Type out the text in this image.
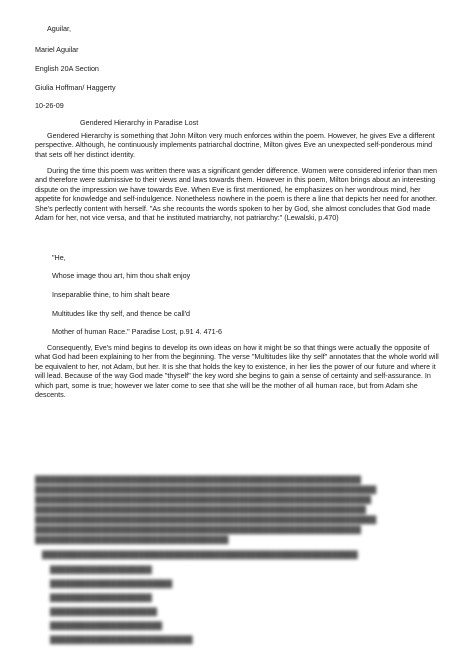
Aguilar,
Mariel Aguilar
English 20A Section
Giulia Hoffman/ Haggerty
10-26-09
Gendered Hierarchy in Paradise Lost

Gendered Hierarchy is something that John Milton very much enforces within the poem. However, he gives Eve a different perspective. Although, he continuously implements patriarchal doctrine, Milton gives Eve an unexpected self-ponderous mind that sets off her distinct identity.

During the time this poem was written there was a significant gender difference. Women were considered inferior than men and therefore were submissive to their views and laws towards them. However in this poem, Milton brings about an interesting dispute on the impression we have towards Eve. When Eve is first mentioned, he emphasizes on her wondrous mind, her appetite for knowledge and self-indulgence. Nonetheless nowhere in the poem is there a line that depicts her need for another. She's perfectly content with herself. "As she recounts the words spoken to her by God, she almost concludes that God made Adam for her, not vice versa, and that he instituted matriarchy, not patriarchy:" (Lewalski, p.470)

"He,
Whose image thou art, him thou shalt enjoy
Inseparablie thine, to him shalt beare
Multitudes like thy self, and thence be call'd
Mother of human Race." Paradise Lost, p.91 4. 471-6

Consequently, Eve's mind begins to develop its own ideas on how it might be so that things were actually the opposite of what God had been explaining to her from the beginning. The verse "Multitudes like thy self" annotates that the whole world will be equivalent to her, not Adam, but her. It is she that holds the key to existence, in her lies the power of our future and where it will lead. Because of the way God made "thyself" the key word she begins to gain a sense of certainty and self-assurance. In which part, some is true; however we later come to see that she will be the mother of all human race, but from Adam she descents.

████████████████████████████████████████████████████████████████
███████████████████████████████████████████████████████████████████
██████████████████████████████████████████████████████████████████
█████████████████████████████████████████████████████████████████
███████████████████████████████████████████████████████████████████
████████████████████████████████████████████████████████████████
██████████████████████████████████████
██████████████████████████████████████████████████████████████
████████████████████
████████████████████████
████████████████████
█████████████████████
██████████████████████
████████████████████████████
